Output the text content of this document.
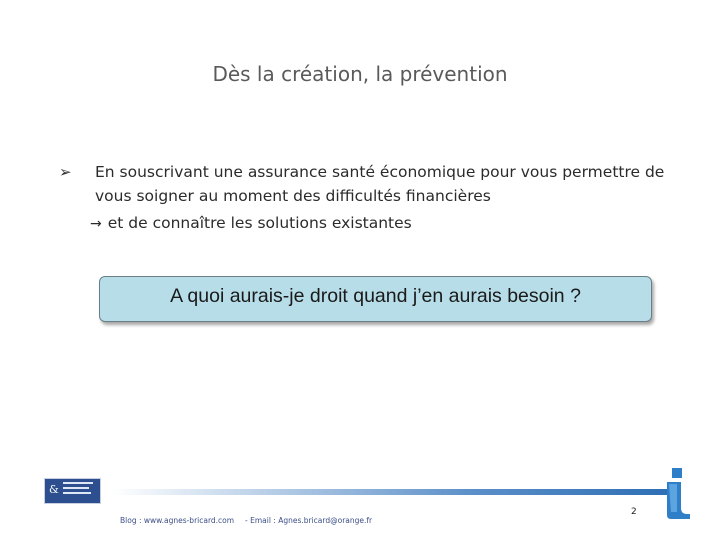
Dès la création, la prévention
➢ En souscrivant une assurance santé économique pour vous permettre de
vous soigner au moment des difficultés financières
→ et de connaître les solutions existantes
A quoi aurais-je droit quand j’en aurais besoin ?
&
Blog : www.agnes-bricard.com - Email : Agnes.bricard@orange.fr
2
